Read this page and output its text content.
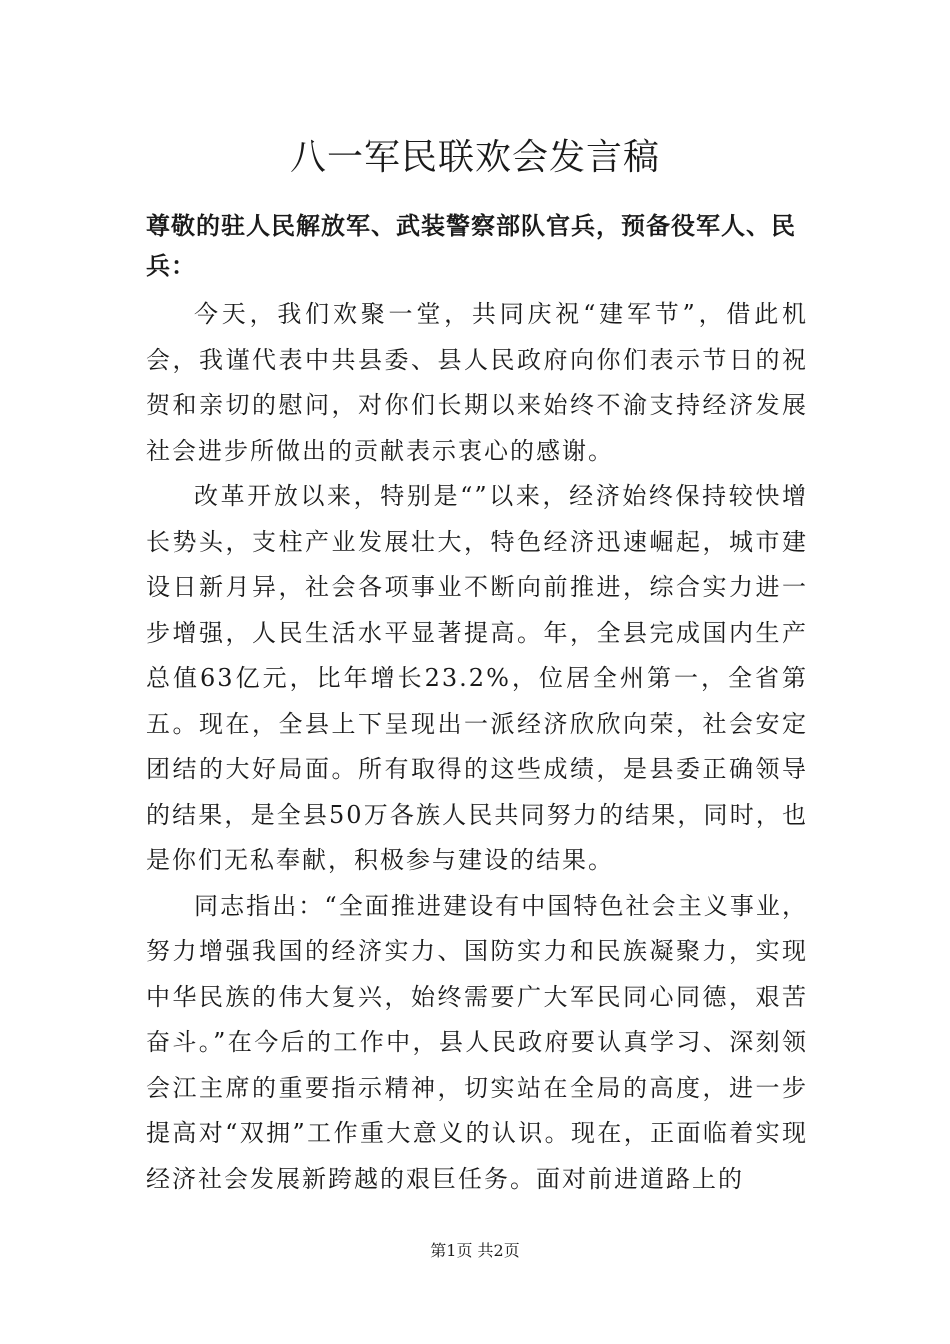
八一军民联欢会发言稿

尊敬的驻人民解放军、武装警察部队官兵，预备役军人、民兵：

今天，我们欢聚一堂，共同庆祝“建军节”，借此机会，我谨代表中共县委、县人民政府向你们表示节日的祝贺和亲切的慰问，对你们长期以来始终不渝支持经济发展社会进步所做出的贡献表示衷心的感谢。

改革开放以来，特别是“”以来，经济始终保持较快增长势头，支柱产业发展壮大，特色经济迅速崛起，城市建设日新月异，社会各项事业不断向前推进，综合实力进一步增强，人民生活水平显著提高。年，全县完成国内生产总值63亿元，比年增长23.2%，位居全州第一，全省第五。现在，全县上下呈现出一派经济欣欣向荣，社会安定团结的大好局面。所有取得的这些成绩，是县委正确领导的结果，是全县50万各族人民共同努力的结果，同时，也是你们无私奉献，积极参与建设的结果。

同志指出：“全面推进建设有中国特色社会主义事业，努力增强我国的经济实力、国防实力和民族凝聚力，实现中华民族的伟大复兴，始终需要广大军民同心同德，艰苦奋斗。”在今后的工作中，县人民政府要认真学习、深刻领会江主席的重要指示精神，切实站在全局的高度，进一步提高对“双拥”工作重大意义的认识。现在，正面临着实现经济社会发展新跨越的艰巨任务。面对前进道路上的

第1页 共2页
